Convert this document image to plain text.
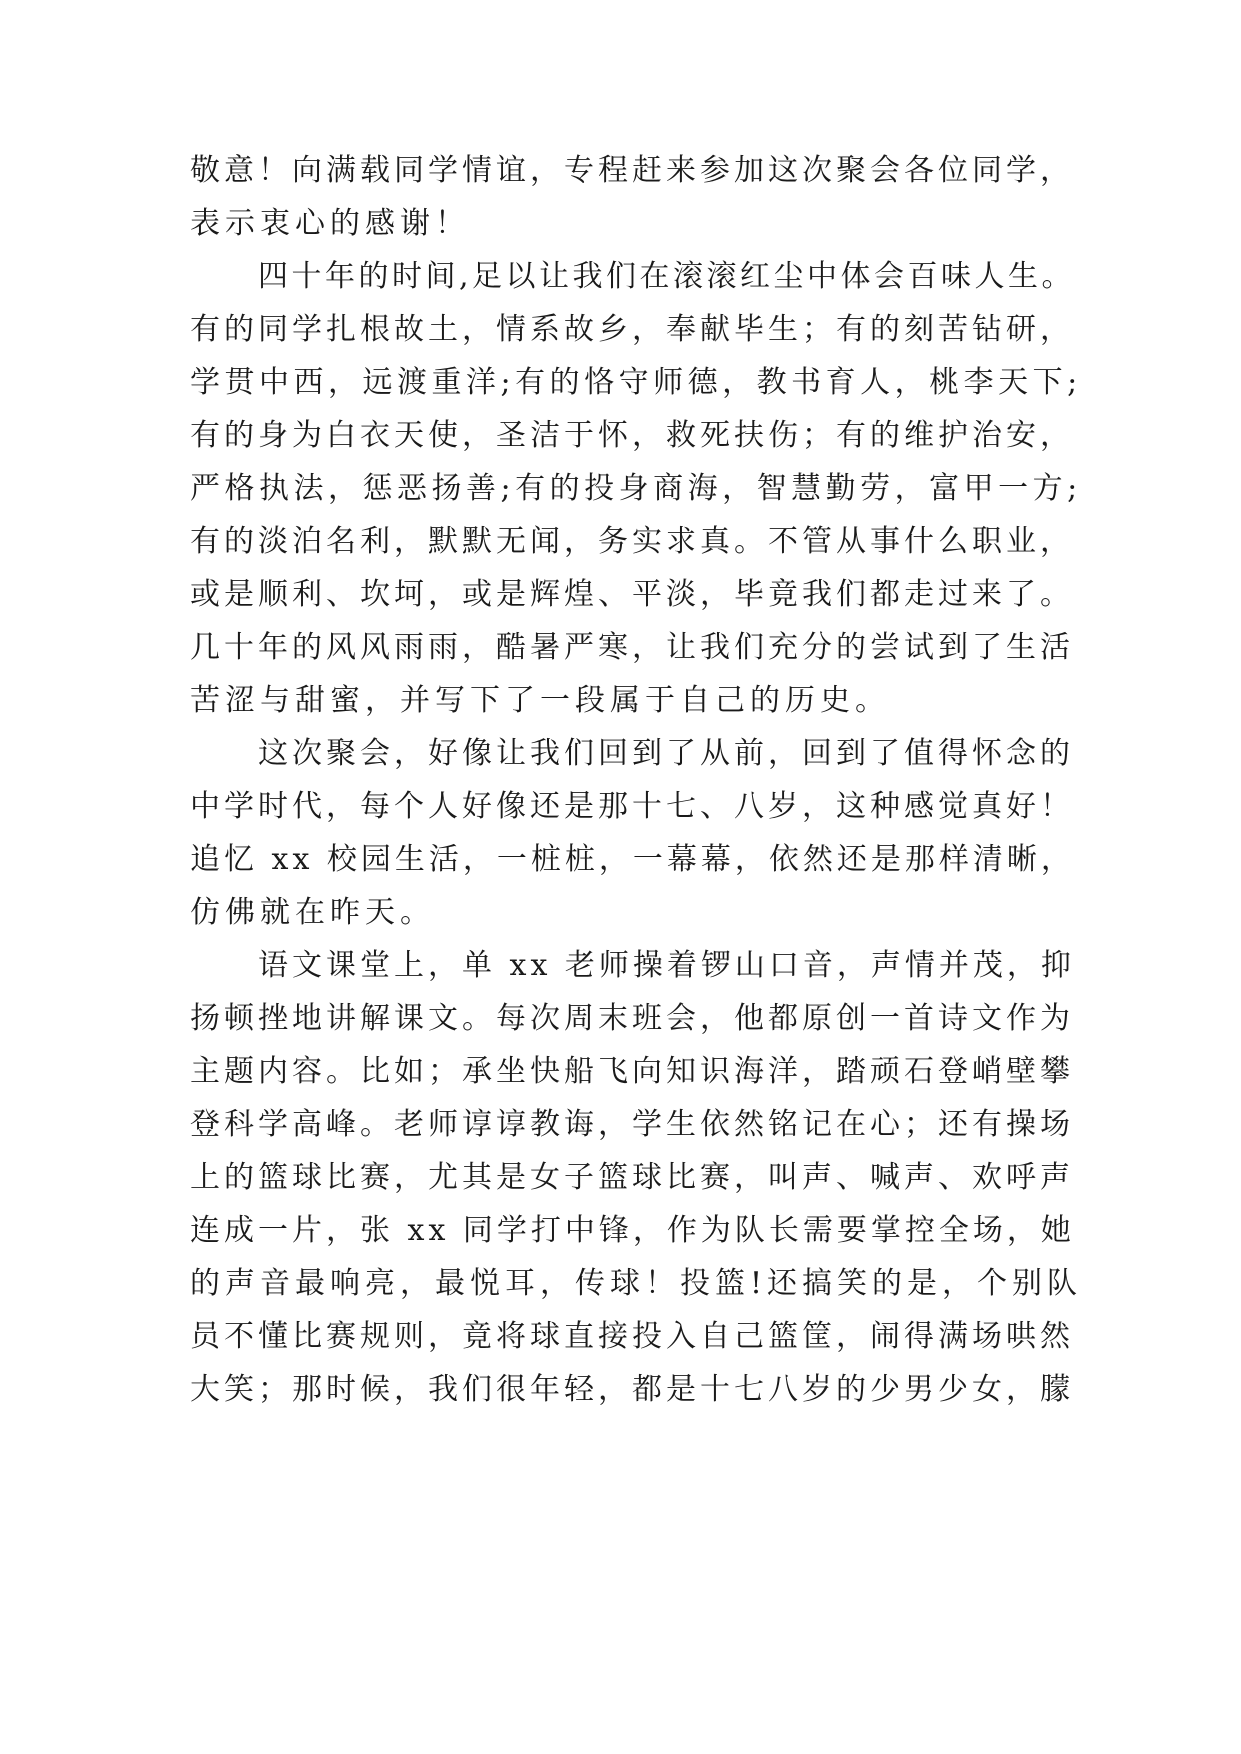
敬意！向满载同学情谊，专程赶来参加这次聚会各位同学，
表示衷心的感谢！
四十年的时间,足以让我们在滚滚红尘中体会百味人生。
有的同学扎根故土，情系故乡，奉献毕生；有的刻苦钻研，
学贯中西，远渡重洋;有的恪守师德，教书育人，桃李天下;
有的身为白衣天使，圣洁于怀，救死扶伤；有的维护治安，
严格执法，惩恶扬善;有的投身商海，智慧勤劳，富甲一方;
有的淡泊名利，默默无闻，务实求真。不管从事什么职业，
或是顺利、坎坷，或是辉煌、平淡，毕竟我们都走过来了。
几十年的风风雨雨，酷暑严寒，让我们充分的尝试到了生活
苦涩与甜蜜，并写下了一段属于自己的历史。
这次聚会，好像让我们回到了从前，回到了值得怀念的
中学时代，每个人好像还是那十七、八岁，这种感觉真好！
追忆 xx 校园生活，一桩桩，一幕幕，依然还是那样清晰，
仿佛就在昨天。
语文课堂上，单 xx 老师操着锣山口音，声情并茂，抑
扬顿挫地讲解课文。每次周末班会，他都原创一首诗文作为
主题内容。比如；承坐快船飞向知识海洋，踏顽石登峭壁攀
登科学高峰。老师谆谆教诲，学生依然铭记在心；还有操场
上的篮球比赛，尤其是女子篮球比赛，叫声、喊声、欢呼声
连成一片，张 xx 同学打中锋，作为队长需要掌控全场，她
的声音最响亮，最悦耳，传球！投篮!还搞笑的是，个别队
员不懂比赛规则，竟将球直接投入自己篮筐，闹得满场哄然
大笑；那时候，我们很年轻，都是十七八岁的少男少女，朦
